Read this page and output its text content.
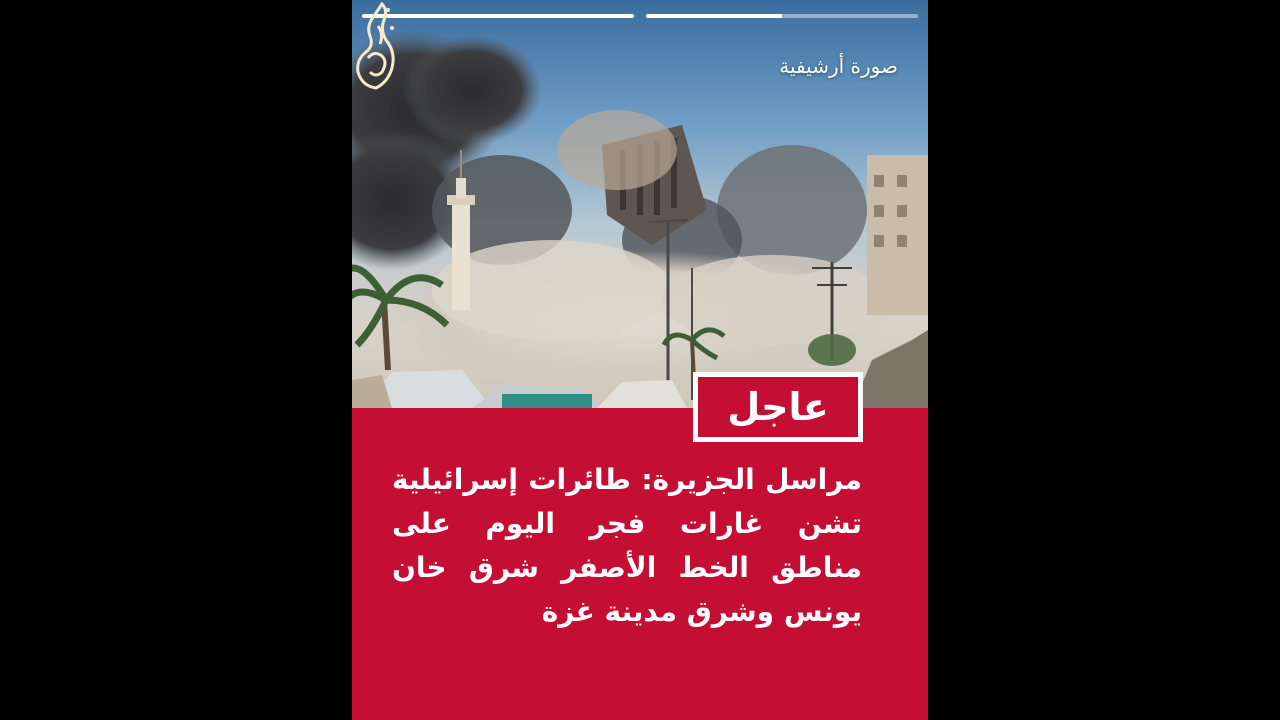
صورة أرشيفية
عاجل
مراسل الجزيرة: طائرات إسرائيلية تشن غارات فجر اليوم على مناطق الخط الأصفر شرق خان يونس وشرق مدينة غزة
